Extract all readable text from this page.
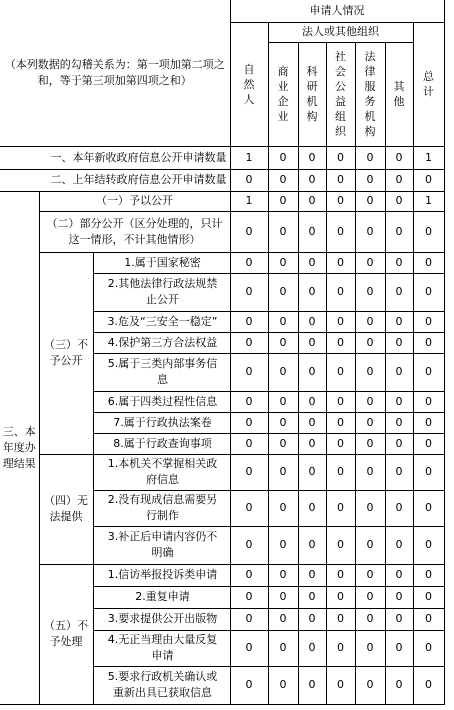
（本列数据的勾稽关系为：第一项加第二项之和，等于第三项加第四项之和）			申请人情况						

			自然人	法人或其他组织					总计

				商业企业	科研机构	社会公益组织	法律服务机构	其他	

一、本年新收政府信息公开申请数量			1	0	0	0	0	0	1
二、上年结转政府信息公开申请数量			0	0	0	0	0	0	0

三、本年度办理结果	（一）予以公开		1	0	0	0	0	0	1
	（二）部分公开（区分处理的，只计这一情形，不计其他情形）		0	0	0	0	0	0	0

	（三）不予公开	1.属于国家秘密	0	0	0	0	0	0	0
		2.其他法律行政法规禁止公开	0	0	0	0	0	0	0
		3.危及“三安全一稳定”	0	0	0	0	0	0	0
		4.保护第三方合法权益	0	0	0	0	0	0	0
		5.属于三类内部事务信息	0	0	0	0	0	0	0
		6.属于四类过程性信息	0	0	0	0	0	0	0
		7.属于行政执法案卷	0	0	0	0	0	0	0
		8.属于行政查询事项	0	0	0	0	0	0	0

	（四）无法提供	1.本机关不掌握相关政府信息	0	0	0	0	0	0	0
		2.没有现成信息需要另行制作	0	0	0	0	0	0	0
		3.补正后申请内容仍不明确	0	0	0	0	0	0	0

	（五）不予处理	1.信访举报投诉类申请	0	0	0	0	0	0	0
		2.重复申请	0	0	0	0	0	0	0
		3.要求提供公开出版物	0	0	0	0	0	0	0
		4.无正当理由大量反复申请	0	0	0	0	0	0	0
		5.要求行政机关确认或重新出具已获取信息	0	0	0	0	0	0	0
